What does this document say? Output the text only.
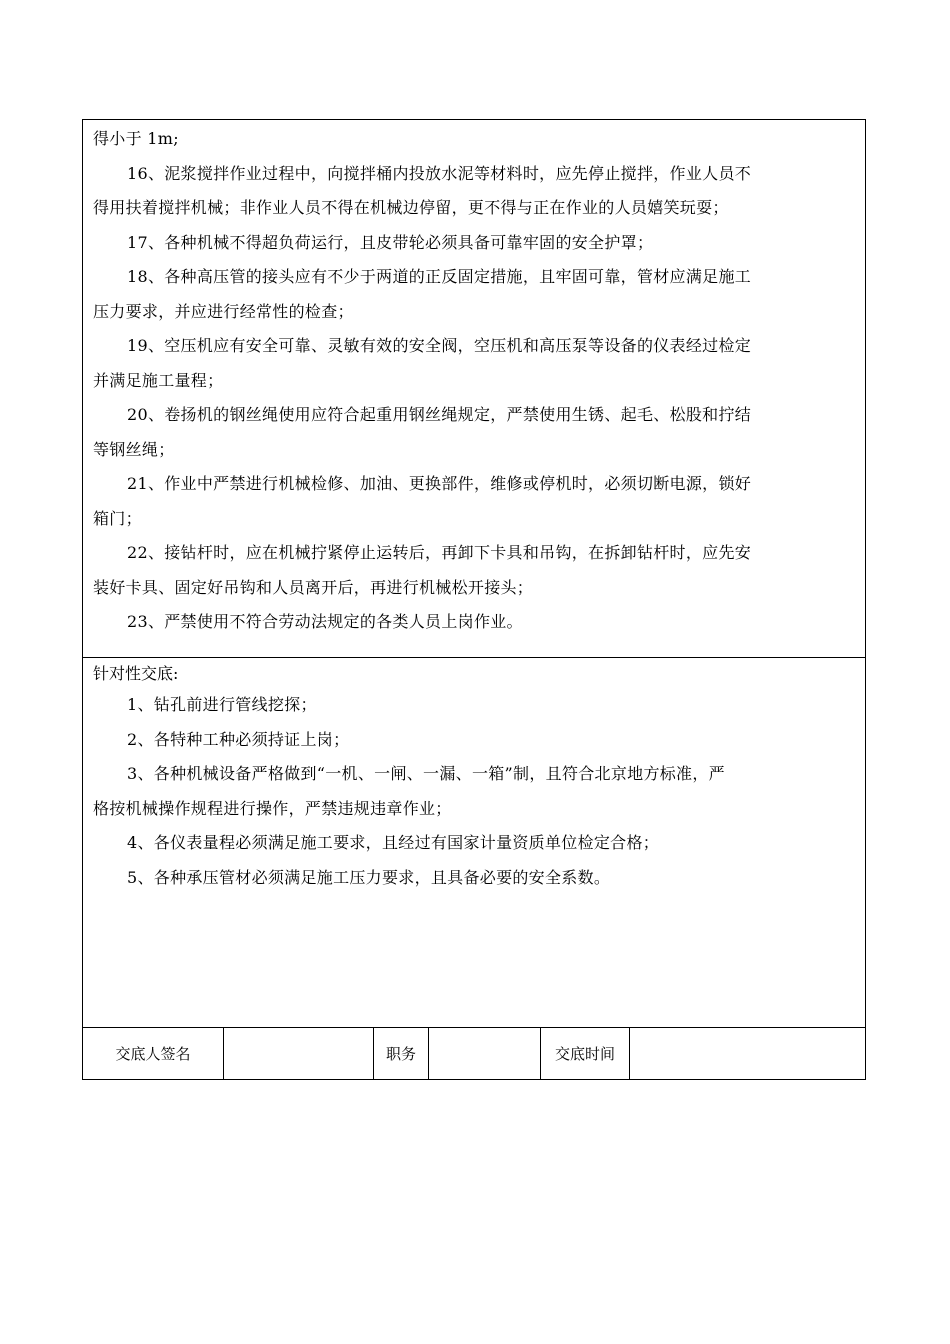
得小于 1m;
16、泥浆搅拌作业过程中，向搅拌桶内投放水泥等材料时，应先停止搅拌，作业人员不
得用扶着搅拌机械；非作业人员不得在机械边停留，更不得与正在作业的人员嬉笑玩耍；
17、各种机械不得超负荷运行，且皮带轮必须具备可靠牢固的安全护罩；
18、各种高压管的接头应有不少于两道的正反固定措施，且牢固可靠，管材应满足施工
压力要求，并应进行经常性的检查；
19、空压机应有安全可靠、灵敏有效的安全阀，空压机和高压泵等设备的仪表经过检定
并满足施工量程；
20、卷扬机的钢丝绳使用应符合起重用钢丝绳规定，严禁使用生锈、起毛、松股和拧结
等钢丝绳；
21、作业中严禁进行机械检修、加油、更换部件，维修或停机时，必须切断电源，锁好
箱门；
22、接钻杆时，应在机械拧紧停止运转后，再卸下卡具和吊钩，在拆卸钻杆时，应先安
装好卡具、固定好吊钩和人员离开后，再进行机械松开接头；
23、严禁使用不符合劳动法规定的各类人员上岗作业。
针对性交底:
1、钻孔前进行管线挖探；
2、各特种工种必须持证上岗；
3、各种机械设备严格做到“一机、一闸、一漏、一箱”制，且符合北京地方标准，严
格按机械操作规程进行操作，严禁违规违章作业；
4、各仪表量程必须满足施工要求，且经过有国家计量资质单位检定合格；
5、各种承压管材必须满足施工压力要求，且具备必要的安全系数。
交底人签名	职务	交底时间
